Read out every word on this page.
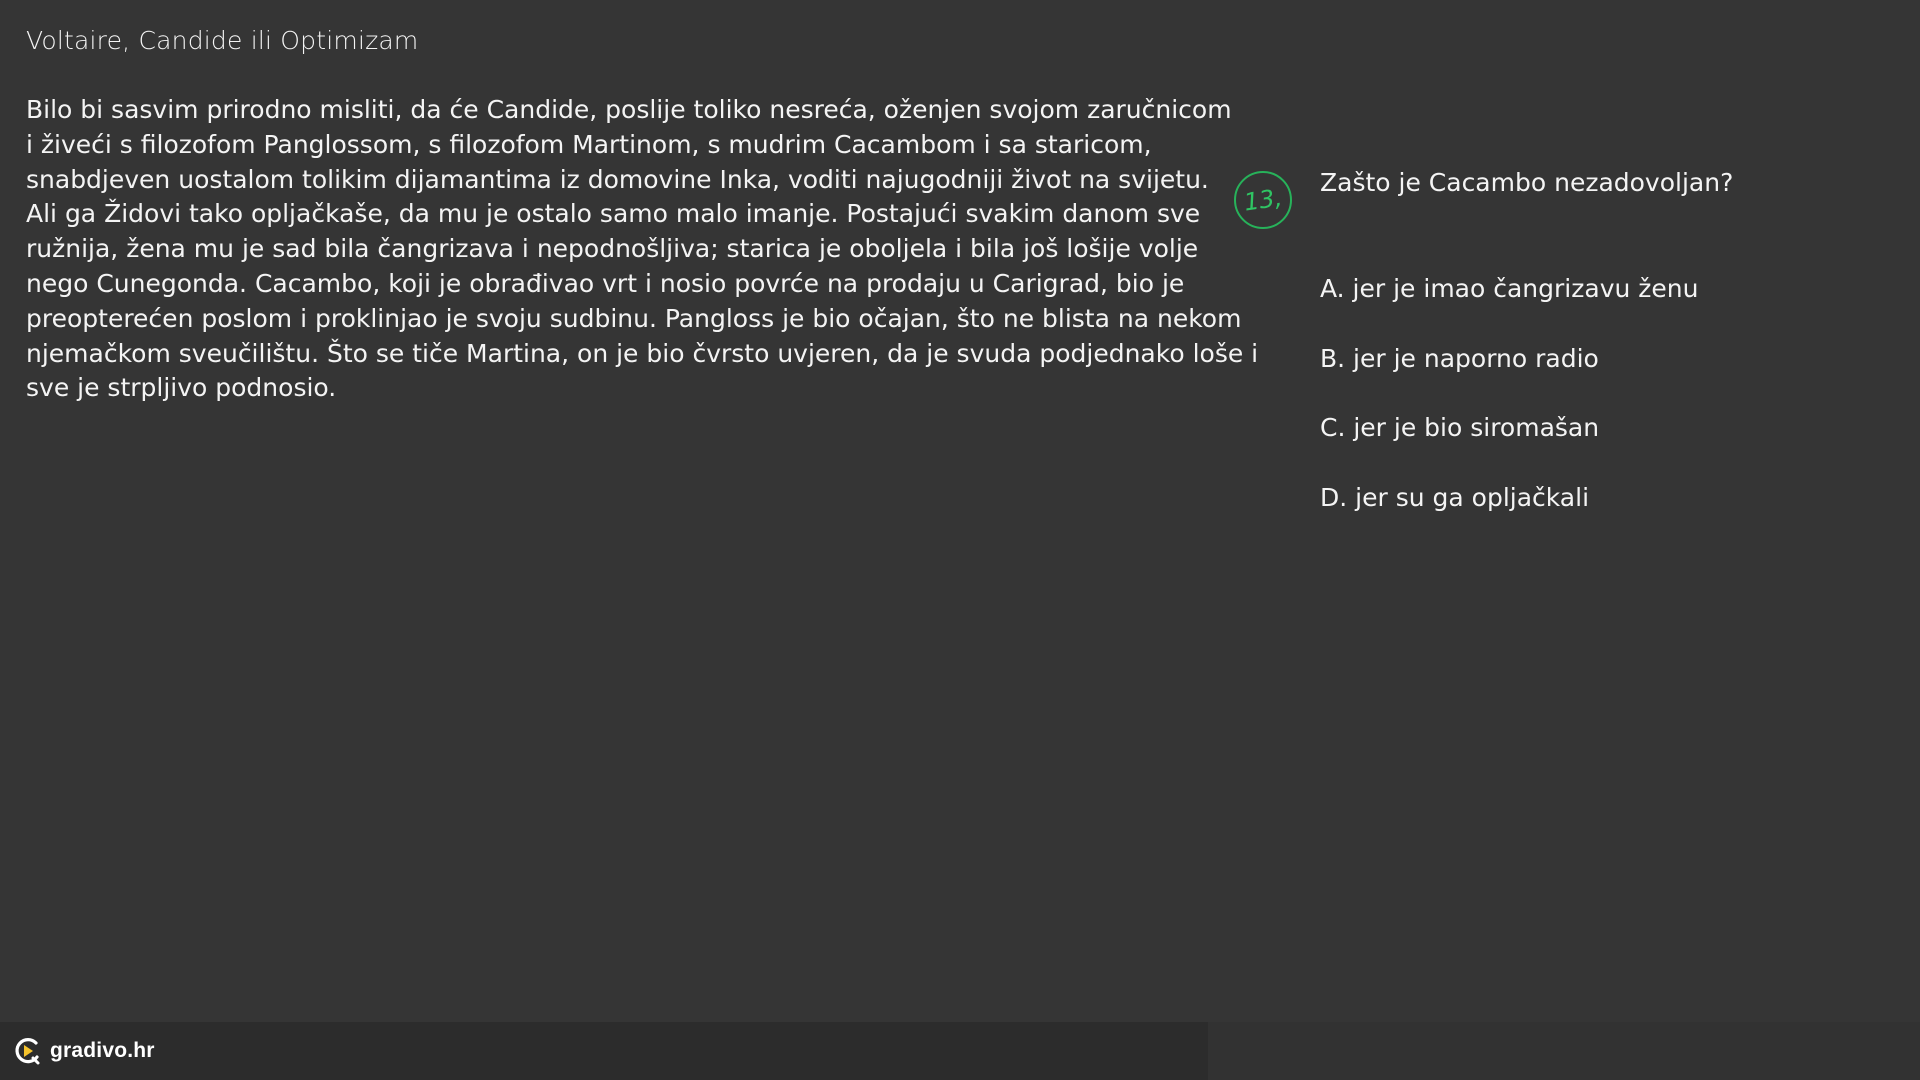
Voltaire, Candide ili Optimizam
Bilo bi sasvim prirodno misliti, da će Candide, poslije toliko nesreća, oženjen svojom zaručnicom
i živeći s filozofom Panglossom, s filozofom Martinom, s mudrim Cacambom i sa staricom,
snabdjeven uostalom tolikim dijamantima iz domovine Inka, voditi najugodniji život na svijetu.
Ali ga Židovi tako opljačkaše, da mu je ostalo samo malo imanje. Postajući svakim danom sve
ružnija, žena mu je sad bila čangrizava i nepodnošljiva; starica je oboljela i bila još lošije volje
nego Cunegonda. Cacambo, koji je obrađivao vrt i nosio povrće na prodaju u Carigrad, bio je
preopterećen poslom i proklinjao je svoju sudbinu. Pangloss je bio očajan, što ne blista na nekom
njemačkom sveučilištu. Što se tiče Martina, on je bio čvrsto uvjeren, da je svuda podjednako loše i
sve je strpljivo podnosio.
13,
Zašto je Cacambo nezadovoljan?
A. jer je imao čangrizavu ženu
B. jer je naporno radio
C. jer je bio siromašan
D. jer su ga opljačkali
gradivo.hr
